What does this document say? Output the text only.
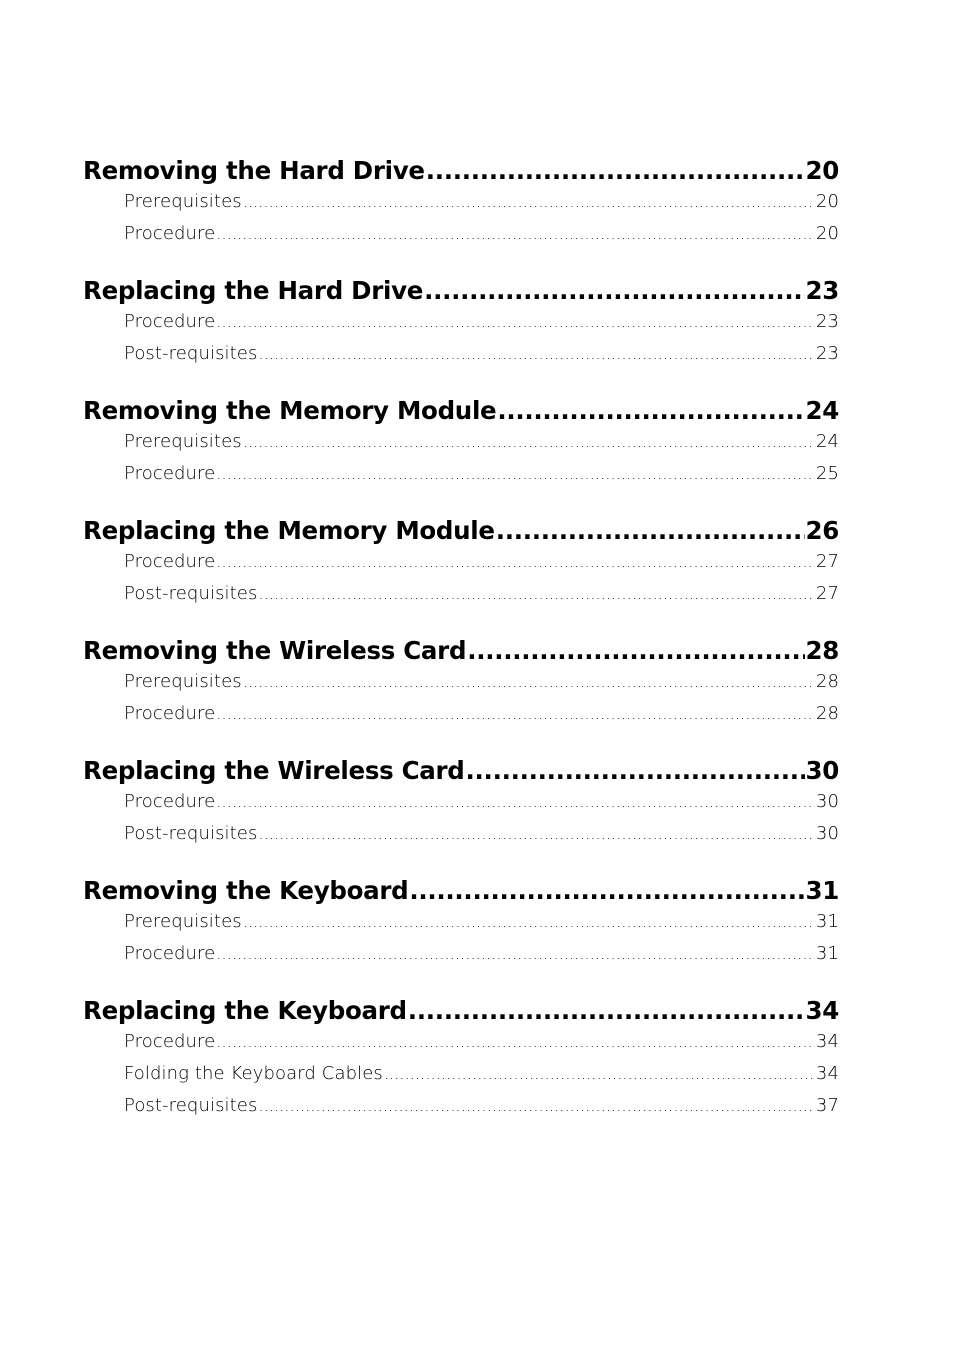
Removing the Hard Drive .....	20
Prerequisites .....	20
Procedure .....	20
Replacing the Hard Drive .....	23
Procedure .....	23
Post-requisites .....	23
Removing the Memory Module .....	24
Prerequisites .....	24
Procedure .....	25
Replacing the Memory Module .....	26
Procedure .....	27
Post-requisites .....	27
Removing the Wireless Card .....	28
Prerequisites .....	28
Procedure .....	28
Replacing the Wireless Card .....	30
Procedure .....	30
Post-requisites .....	30
Removing the Keyboard .....	31
Prerequisites .....	31
Procedure .....	31
Replacing the Keyboard .....	34
Procedure .....	34
Folding the Keyboard Cables .....	34
Post-requisites .....	37
